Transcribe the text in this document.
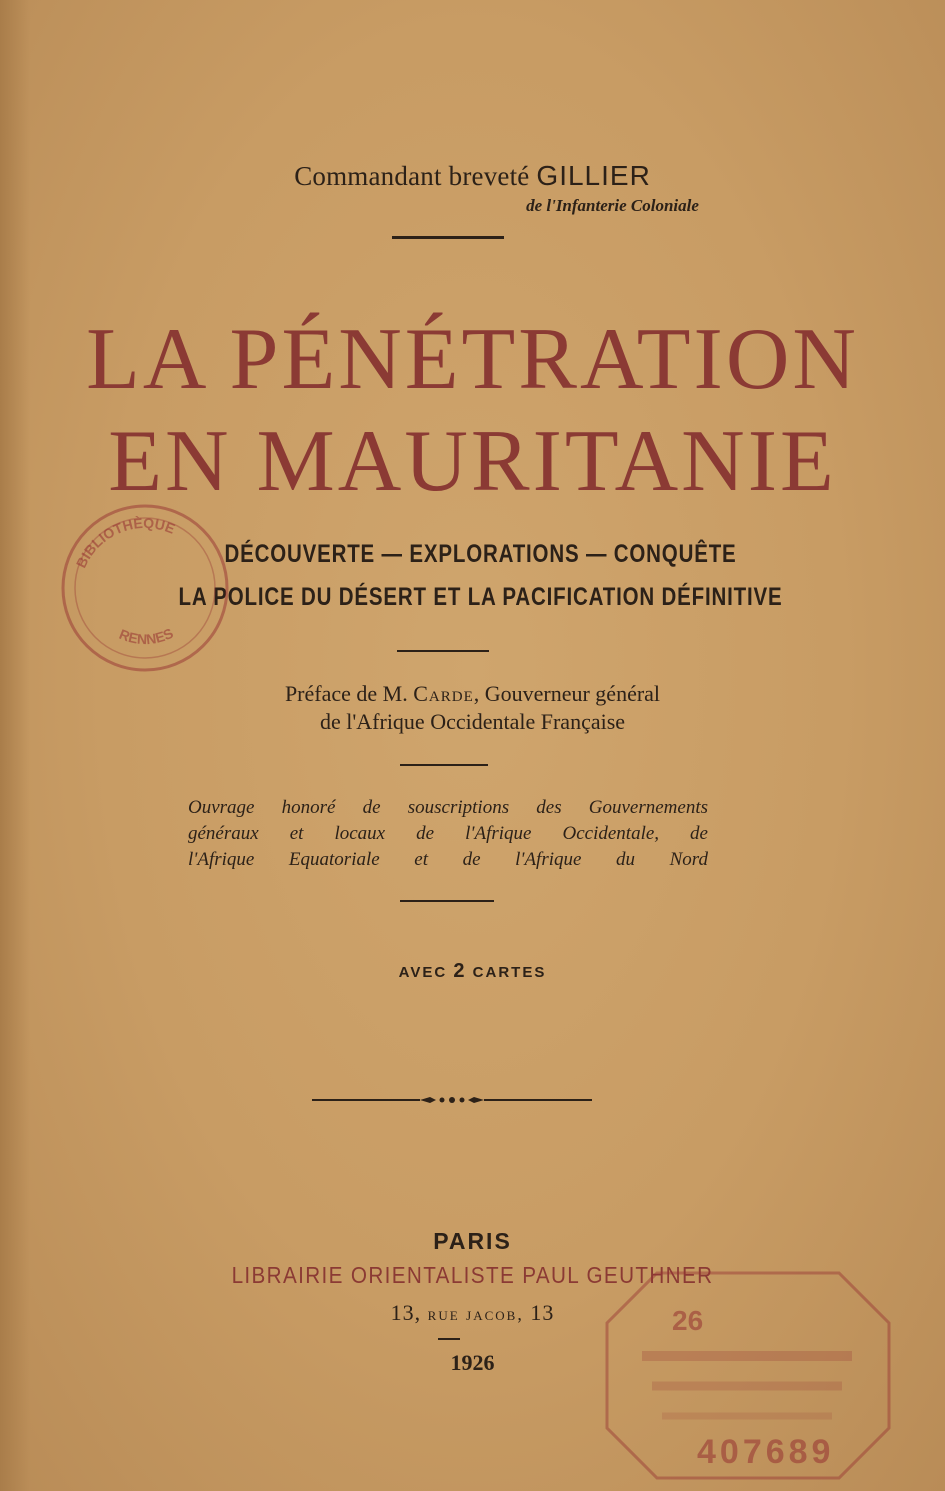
Commandant breveté GILLIER
de l'Infanterie Coloniale
LA PÉNÉTRATION
EN MAURITANIE
DÉCOUVERTE — EXPLORATIONS — CONQUÊTE
LA POLICE DU DÉSERT ET LA PACIFICATION DÉFINITIVE
Préface de M. Carde, Gouverneur général
de l'Afrique Occidentale Française
Ouvrage honoré de souscriptions des Gouvernements
généraux et locaux de l'Afrique Occidentale, de
l'Afrique Equatoriale et de l'Afrique du Nord
AVEC 2 CARTES
PARIS
LIBRAIRIE ORIENTALISTE PAUL GEUTHNER
13, rue jacob, 13
1926
BIBLIOTHÈQUE
RENNES
26
407689
